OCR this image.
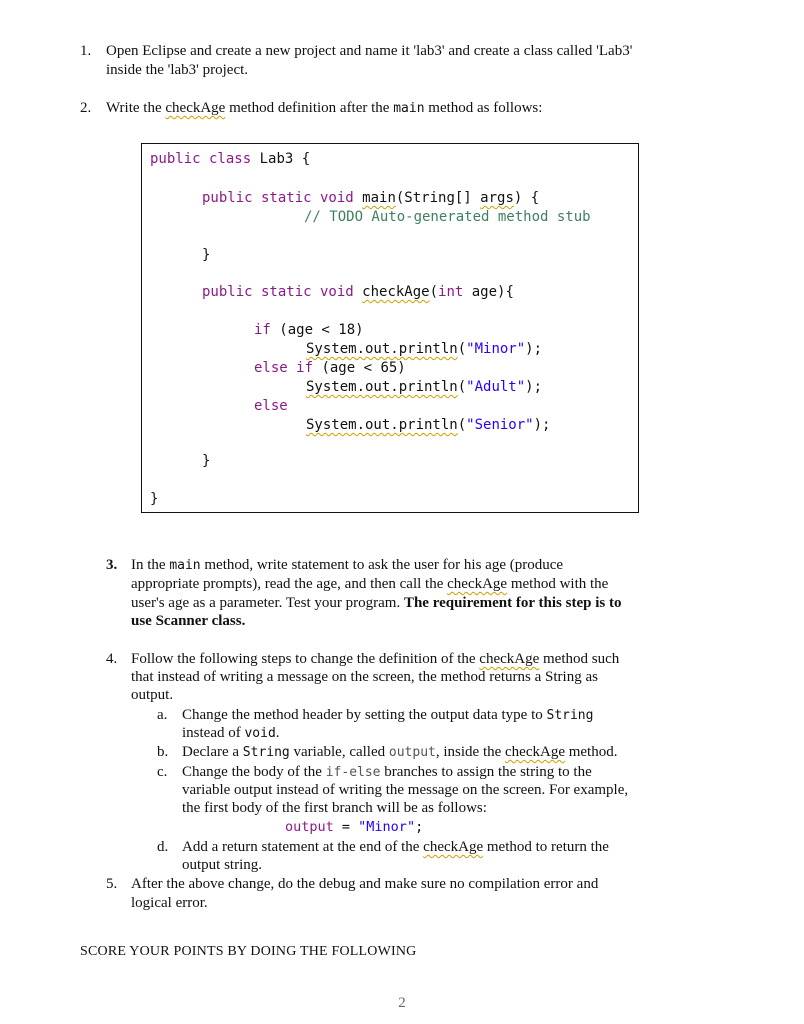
1. Open Eclipse and create a new project and name it 'lab3' and create a class called 'Lab3'
inside the 'lab3' project.
2. Write the checkAge method definition after the main method as follows:
public class Lab3 {
public static void main(String[] args) {
// TODO Auto-generated method stub
}
public static void checkAge(int age){
if (age < 18)
System.out.println("Minor");
else if (age < 65)
System.out.println("Adult");
else
System.out.println("Senior");
}
}
3. In the main method, write statement to ask the user for his age (produce
appropriate prompts), read the age, and then call the checkAge method with the
user's age as a parameter. Test your program. The requirement for this step is to
use Scanner class.
4. Follow the following steps to change the definition of the checkAge method such
that instead of writing a message on the screen, the method returns a String as
output.
a. Change the method header by setting the output data type to String
instead of void.
b. Declare a String variable, called output, inside the checkAge method.
c. Change the body of the if-else branches to assign the string to the
variable output instead of writing the message on the screen. For example,
the first body of the first branch will be as follows:
output = "Minor";
d. Add a return statement at the end of the checkAge method to return the
output string.
5. After the above change, do the debug and make sure no compilation error and
logical error.
SCORE YOUR POINTS BY DOING THE FOLLOWING
2
